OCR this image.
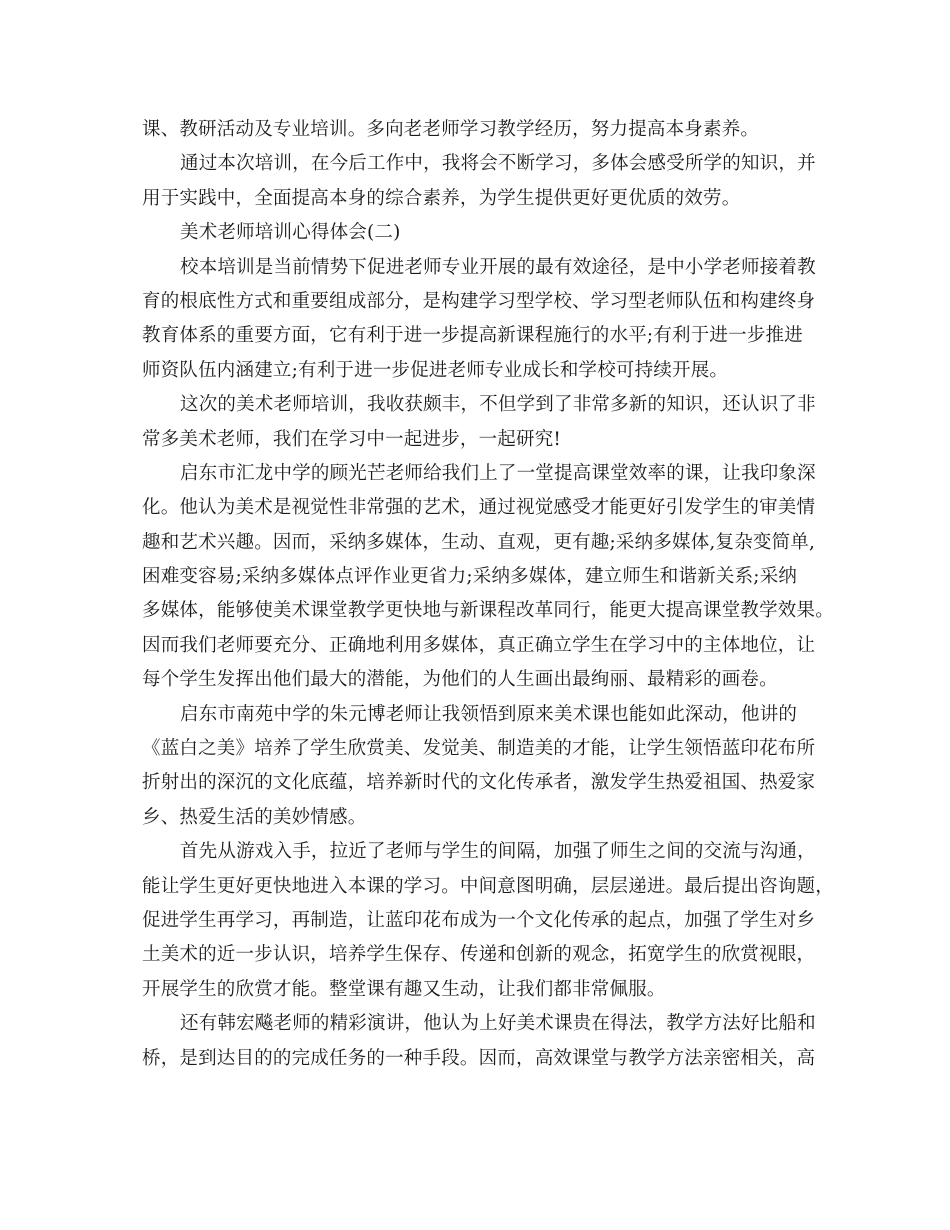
课、教研活动及专业培训。多向老老师学习教学经历，努力提高本身素养。
通过本次培训，在今后工作中，我将会不断学习，多体会感受所学的知识，并
用于实践中，全面提高本身的综合素养，为学生提供更好更优质的效劳。
美术老师培训心得体会(二)
校本培训是当前情势下促进老师专业开展的最有效途径，是中小学老师接着教
育的根底性方式和重要组成部分，是构建学习型学校、学习型老师队伍和构建终身
教育体系的重要方面，它有利于进一步提高新课程施行的水平;有利于进一步推进
师资队伍内涵建立;有利于进一步促进老师专业成长和学校可持续开展。
这次的美术老师培训，我收获颇丰，不但学到了非常多新的知识，还认识了非
常多美术老师，我们在学习中一起进步，一起研究!
启东市汇龙中学的顾光芒老师给我们上了一堂提高课堂效率的课，让我印象深
化。他认为美术是视觉性非常强的艺术，通过视觉感受才能更好引发学生的审美情
趣和艺术兴趣。因而，采纳多媒体，生动、直观，更有趣;采纳多媒体,复杂变简单,
困难变容易;采纳多媒体点评作业更省力;采纳多媒体，建立师生和谐新关系;采纳
多媒体，能够使美术课堂教学更快地与新课程改革同行，能更大提高课堂教学效果。
因而我们老师要充分、正确地利用多媒体，真正确立学生在学习中的主体地位，让
每个学生发挥出他们最大的潜能，为他们的人生画出最绚丽、最精彩的画卷。
启东市南苑中学的朱元博老师让我领悟到原来美术课也能如此深动，他讲的
《蓝白之美》培养了学生欣赏美、发觉美、制造美的才能，让学生领悟蓝印花布所
折射出的深沉的文化底蕴，培养新时代的文化传承者，激发学生热爱祖国、热爱家
乡、热爱生活的美妙情感。
首先从游戏入手，拉近了老师与学生的间隔，加强了师生之间的交流与沟通，
能让学生更好更快地进入本课的学习。中间意图明确，层层递进。最后提出咨询题，
促进学生再学习，再制造，让蓝印花布成为一个文化传承的起点，加强了学生对乡
土美术的近一步认识，培养学生保存、传递和创新的观念，拓宽学生的欣赏视眼，
开展学生的欣赏才能。整堂课有趣又生动，让我们都非常佩服。
还有韩宏飚老师的精彩演讲，他认为上好美术课贵在得法，教学方法好比船和
桥，是到达目的的完成任务的一种手段。因而，高效课堂与教学方法亲密相关，高
